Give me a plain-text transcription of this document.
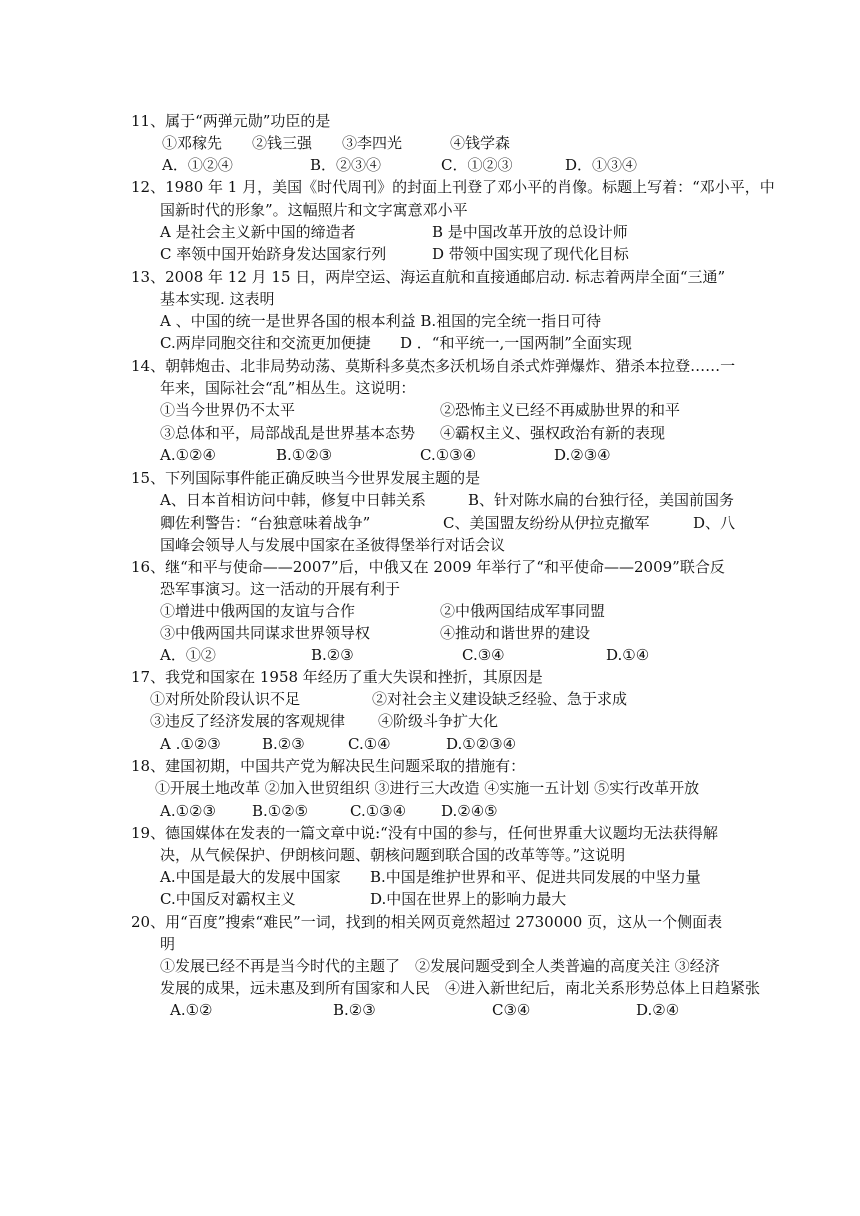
11、属于“两弹元勋”功臣的是
①邓稼先 ②钱三强 ③李四光	④钱学森
A．①②④	B．②③④	C．①②③	D．①③④
12、1980 年 1 月，美国《时代周刊》的封面上刊登了邓小平的肖像。标题上写着：“邓小平，中
国新时代的形象”。这幅照片和文字寓意邓小平
A 是社会主义新中国的缔造者	B 是中国改革开放的总设计师
C 率领中国开始跻身发达国家行列	D 带领中国实现了现代化目标
13、2008 年 12 月 15 日，两岸空运、海运直航和直接通邮启动. 标志着两岸全面“三通”
基本实现. 这表明
A 、中国的统一是世界各国的根本利益 B.祖国的完全统一指日可待
C.两岸同胞交往和交流更加便捷 D ．“和平统一,一国两制”全面实现
14、朝韩炮击、北非局势动荡、莫斯科多莫杰多沃机场自杀式炸弹爆炸、猎杀本拉登……一
年来，国际社会“乱”相丛生。这说明：
①当今世界仍不太平	②恐怖主义已经不再威胁世界的和平
③总体和平，局部战乱是世界基本态势 ④霸权主义、强权政治有新的表现
A.①②④	B.①②③	C.①③④	D.②③④
15、下列国际事件能正确反映当今世界发展主题的是
A、日本首相访问中韩，修复中日韩关系	B、针对陈水扁的台独行径，美国前国务
卿佐利警告：“台独意味着战争”	C、美国盟友纷纷从伊拉克撤军	D、八
国峰会领导人与发展中国家在圣彼得堡举行对话会议
16、继“和平与使命——2007”后，中俄又在 2009 年举行了“和平使命——2009”联合反
恐军事演习。这一活动的开展有利于
①增进中俄两国的友谊与合作	②中俄两国结成军事同盟
③中俄两国共同谋求世界领导权	④推动和谐世界的建设
A．①②	B.②③	C.③④	D.①④
17、我党和国家在 1958 年经历了重大失误和挫折，其原因是
①对所处阶段认识不足	②对社会主义建设缺乏经验、急于求成
③违反了经济发展的客观规律 ④阶级斗争扩大化
A .①②③	B.②③	C.①④	D.①②③④
18、建国初期，中国共产党为解决民生问题采取的措施有：
①开展土地改革 ②加入世贸组织 ③进行三大改造 ④实施一五计划 ⑤实行改革开放
A.①②③ B.①②⑤	C.①③④ D.②④⑤
19、德国媒体在发表的一篇文章中说:“没有中国的参与，任何世界重大议题均无法获得解
决，从气候保护、伊朗核问题、朝核问题到联合国的改革等等。”这说明
A.中国是最大的发展中国家 B.中国是维护世界和平、促进共同发展的中坚力量
C.中国反对霸权主义	D.中国在世界上的影响力最大
20、用“百度”搜索“难民”一词，找到的相关网页竟然超过 2730000 页，这从一个侧面表
明
①发展已经不再是当今时代的主题了　②发展问题受到全人类普遍的高度关注 ③经济
发展的成果，远未惠及到所有国家和人民　④进入新世纪后，南北关系形势总体上日趋紧张
A.①②	B.②③	C③④	D.②④
